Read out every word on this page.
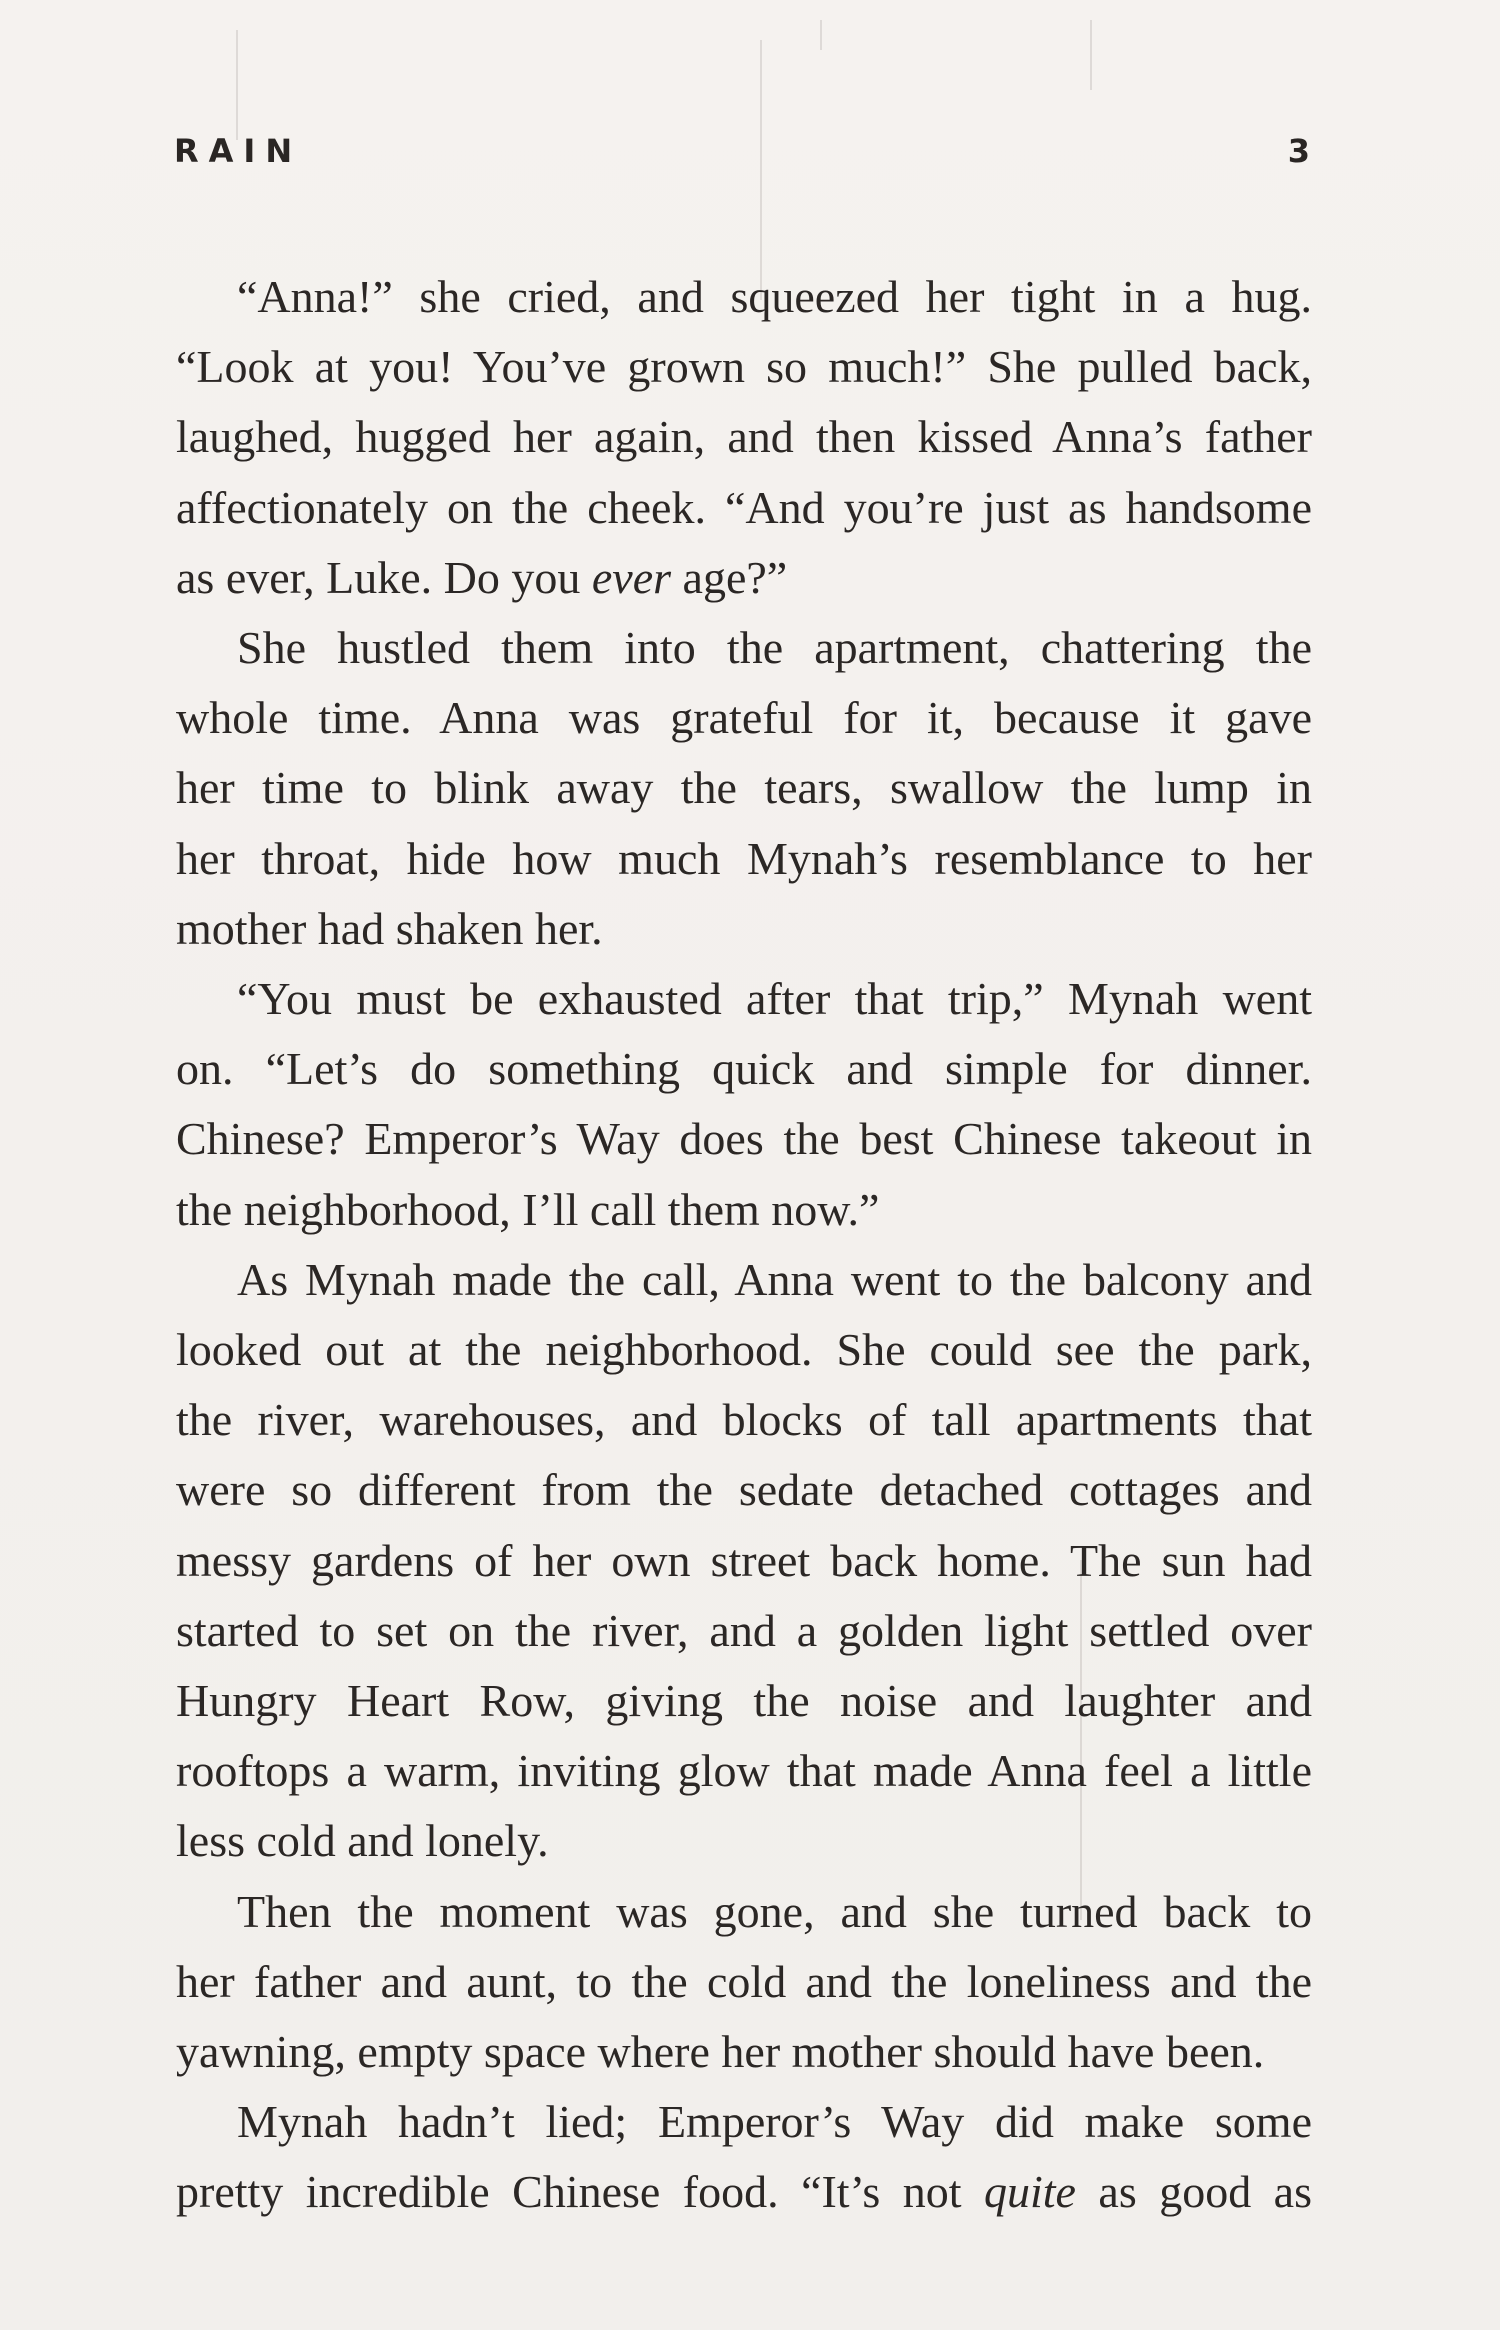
RAIN	3
“Anna!” she cried, and squeezed her tight in a hug.
“Look at you! You’ve grown so much!” She pulled back,
laughed, hugged her again, and then kissed Anna’s father
affectionately on the cheek. “And you’re just as handsome
as ever, Luke. Do you ever age?”
She hustled them into the apartment, chattering the
whole time. Anna was grateful for it, because it gave
her time to blink away the tears, swallow the lump in
her throat, hide how much Mynah’s resemblance to her
mother had shaken her.
“You must be exhausted after that trip,” Mynah went
on. “Let’s do something quick and simple for dinner.
Chinese? Emperor’s Way does the best Chinese takeout in
the neighborhood, I’ll call them now.”
As Mynah made the call, Anna went to the balcony and
looked out at the neighborhood. She could see the park,
the river, warehouses, and blocks of tall apartments that
were so different from the sedate detached cottages and
messy gardens of her own street back home. The sun had
started to set on the river, and a golden light settled over
Hungry Heart Row, giving the noise and laughter and
rooftops a warm, inviting glow that made Anna feel a little
less cold and lonely.
Then the moment was gone, and she turned back to
her father and aunt, to the cold and the loneliness and the
yawning, empty space where her mother should have been.
Mynah hadn’t lied; Emperor’s Way did make some
pretty incredible Chinese food. “It’s not quite as good as
